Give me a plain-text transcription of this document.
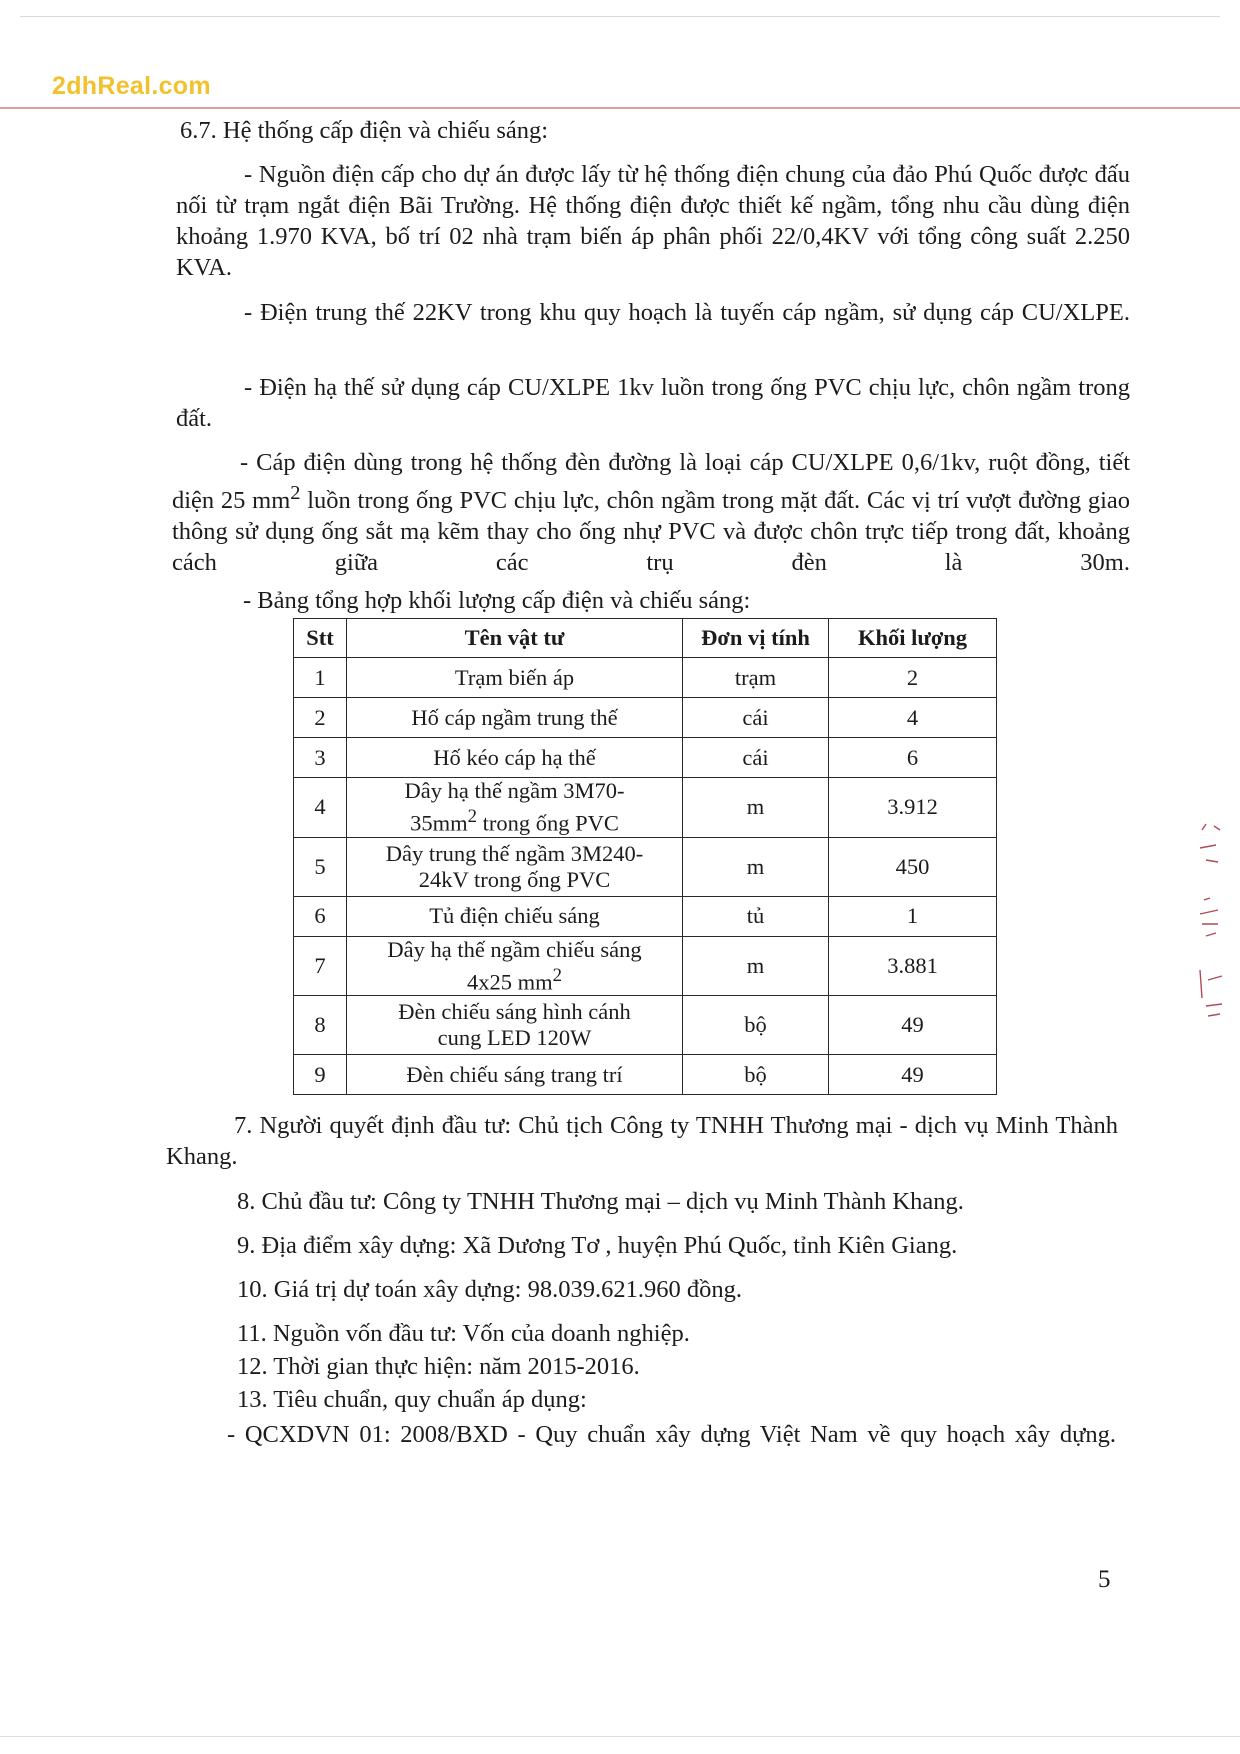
2dhReal.com

6.7. Hệ thống cấp điện và chiếu sáng:

- Nguồn điện cấp cho dự án được lấy từ hệ thống điện chung của đảo Phú Quốc được đấu nối từ trạm ngắt điện Bãi Trường. Hệ thống điện được thiết kế ngầm, tổng nhu cầu dùng điện khoảng 1.970 KVA, bố trí 02 nhà trạm biến áp phân phối 22/0,4KV với tổng công suất 2.250 KVA.

- Điện trung thế 22KV trong khu quy hoạch là tuyến cáp ngầm, sử dụng cáp CU/XLPE.

- Điện hạ thế sử dụng cáp CU/XLPE 1kv luồn trong ống PVC chịu lực, chôn ngầm trong đất.

- Cáp điện dùng trong hệ thống đèn đường là loại cáp CU/XLPE 0,6/1kv, ruột đồng, tiết diện 25 $mm^2$ luồn trong ống PVC chịu lực, chôn ngầm trong mặt đất. Các vị trí vượt đường giao thông sử dụng ống sắt mạ kẽm thay cho ống nhự PVC và được chôn trực tiếp trong đất, khoảng cách giữa các trụ đèn là 30m.

- Bảng tổng hợp khối lượng cấp điện và chiếu sáng:

Stt	Tên vật tư	Đơn vị tính	Khối lượng
1	Trạm biến áp	trạm	2
2	Hố cáp ngầm trung thế	cái	4
3	Hố kéo cáp hạ thế	cái	6
4	Dây hạ thế ngầm 3M70-
$35mm^2$ trong ống PVC	m	3.912
5	Dây trung thế ngầm 3M240-
24kV trong ống PVC	m	450
6	Tủ điện chiếu sáng	tủ	1
7	Dây hạ thế ngầm chiếu sáng
4x25 $mm^2$	m	3.881
8	Đèn chiếu sáng hình cánh
cung LED 120W	bộ	49
9	Đèn chiếu sáng trang trí	bộ	49

7. Người quyết định đầu tư: Chủ tịch Công ty TNHH Thương mại - dịch vụ Minh Thành Khang.

8. Chủ đầu tư: Công ty TNHH Thương mại – dịch vụ Minh Thành Khang.

9. Địa điểm xây dựng: Xã Dương Tơ , huyện Phú Quốc, tỉnh Kiên Giang.

10. Giá trị dự toán xây dựng: 98.039.621.960 đồng.

11. Nguồn vốn đầu tư: Vốn của doanh nghiệp.

12. Thời gian thực hiện: năm 2015-2016.

13. Tiêu chuẩn, quy chuẩn áp dụng:

- QCXDVN 01: 2008/BXD - Quy chuẩn xây dựng Việt Nam về quy hoạch xây dựng.

5
